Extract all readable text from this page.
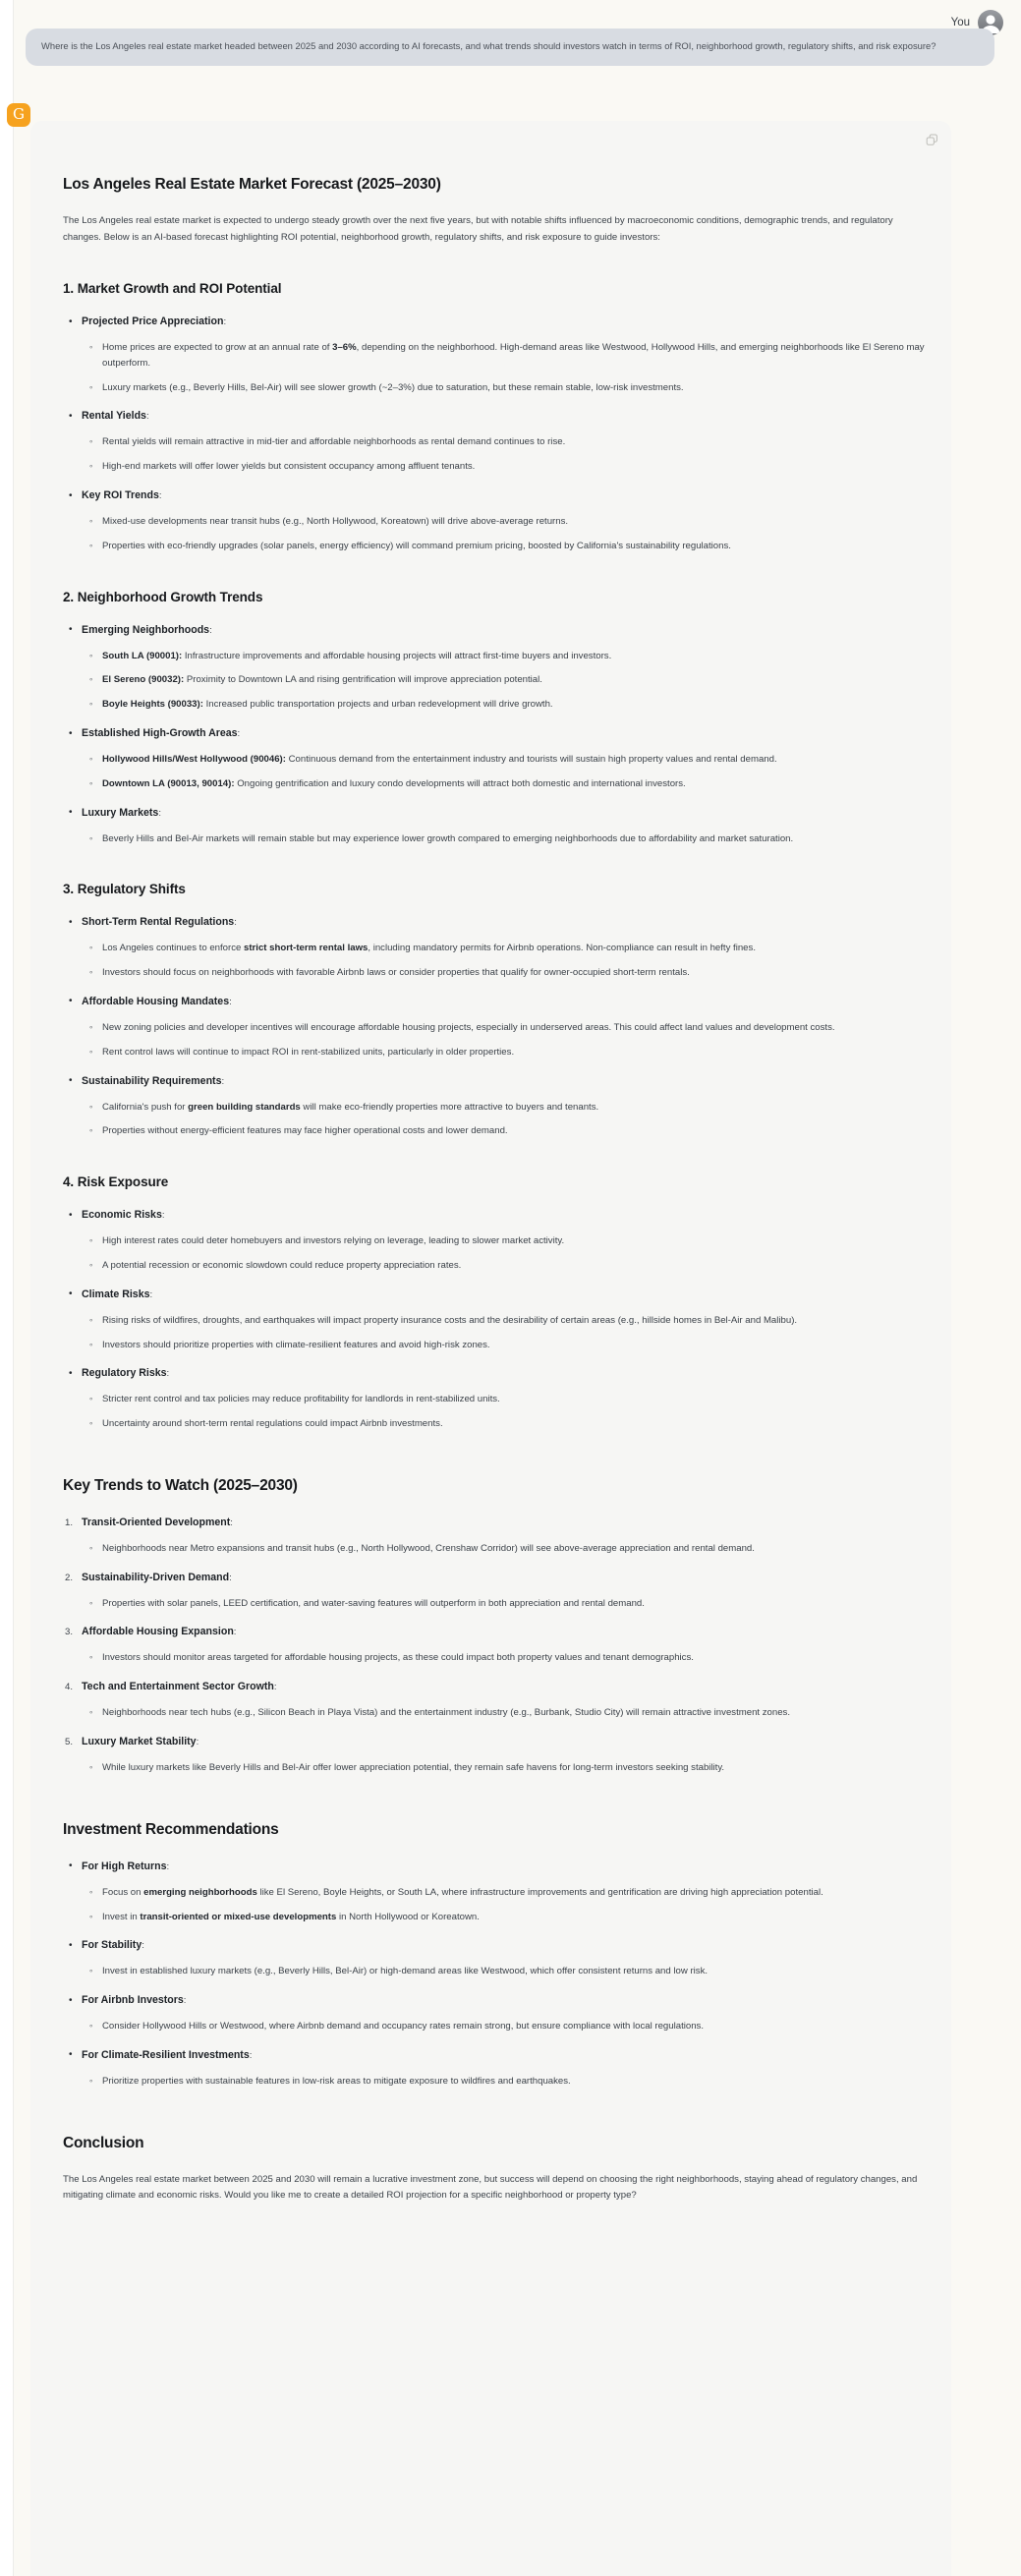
You
Where is the Los Angeles real estate market headed between 2025 and 2030 according to AI forecasts, and what trends should investors watch in terms of ROI, neighborhood growth, regulatory shifts, and risk exposure?
G
Los Angeles Real Estate Market Forecast (2025–2030)

The Los Angeles real estate market is expected to undergo steady growth over the next five years, but with notable shifts influenced by macroeconomic conditions, demographic trends, and regulatory changes. Below is an AI-based forecast highlighting ROI potential, neighborhood growth, regulatory shifts, and risk exposure to guide investors:

1. Market Growth and ROI Potential
• Projected Price Appreciation:
◦ Home prices are expected to grow at an annual rate of 3–6%, depending on the neighborhood. High-demand areas like Westwood, Hollywood Hills, and emerging neighborhoods like El Sereno may outperform.
◦ Luxury markets (e.g., Beverly Hills, Bel-Air) will see slower growth (~2–3%) due to saturation, but these remain stable, low-risk investments.
• Rental Yields:
◦ Rental yields will remain attractive in mid-tier and affordable neighborhoods as rental demand continues to rise.
◦ High-end markets will offer lower yields but consistent occupancy among affluent tenants.
• Key ROI Trends:
◦ Mixed-use developments near transit hubs (e.g., North Hollywood, Koreatown) will drive above-average returns.
◦ Properties with eco-friendly upgrades (solar panels, energy efficiency) will command premium pricing, boosted by California's sustainability regulations.
2. Neighborhood Growth Trends
• Emerging Neighborhoods:
◦ South LA (90001): Infrastructure improvements and affordable housing projects will attract first-time buyers and investors.
◦ El Sereno (90032): Proximity to Downtown LA and rising gentrification will improve appreciation potential.
◦ Boyle Heights (90033): Increased public transportation projects and urban redevelopment will drive growth.
• Established High-Growth Areas:
◦ Hollywood Hills/West Hollywood (90046): Continuous demand from the entertainment industry and tourists will sustain high property values and rental demand.
◦ Downtown LA (90013, 90014): Ongoing gentrification and luxury condo developments will attract both domestic and international investors.
• Luxury Markets:
◦ Beverly Hills and Bel-Air markets will remain stable but may experience lower growth compared to emerging neighborhoods due to affordability and market saturation.
3. Regulatory Shifts
• Short-Term Rental Regulations:
◦ Los Angeles continues to enforce strict short-term rental laws, including mandatory permits for Airbnb operations. Non-compliance can result in hefty fines.
◦ Investors should focus on neighborhoods with favorable Airbnb laws or consider properties that qualify for owner-occupied short-term rentals.
• Affordable Housing Mandates:
◦ New zoning policies and developer incentives will encourage affordable housing projects, especially in underserved areas. This could affect land values and development costs.
◦ Rent control laws will continue to impact ROI in rent-stabilized units, particularly in older properties.
• Sustainability Requirements:
◦ California's push for green building standards will make eco-friendly properties more attractive to buyers and tenants.
◦ Properties without energy-efficient features may face higher operational costs and lower demand.
4. Risk Exposure
• Economic Risks:
◦ High interest rates could deter homebuyers and investors relying on leverage, leading to slower market activity.
◦ A potential recession or economic slowdown could reduce property appreciation rates.
• Climate Risks:
◦ Rising risks of wildfires, droughts, and earthquakes will impact property insurance costs and the desirability of certain areas (e.g., hillside homes in Bel-Air and Malibu).
◦ Investors should prioritize properties with climate-resilient features and avoid high-risk zones.
• Regulatory Risks:
◦ Stricter rent control and tax policies may reduce profitability for landlords in rent-stabilized units.
◦ Uncertainty around short-term rental regulations could impact Airbnb investments.
Key Trends to Watch (2025–2030)
Transit-Oriented Development:
◦ Neighborhoods near Metro expansions and transit hubs (e.g., North Hollywood, Crenshaw Corridor) will see above-average appreciation and rental demand.
Sustainability-Driven Demand:
◦ Properties with solar panels, LEED certification, and water-saving features will outperform in both appreciation and rental demand.
Affordable Housing Expansion:
◦ Investors should monitor areas targeted for affordable housing projects, as these could impact both property values and tenant demographics.
Tech and Entertainment Sector Growth:
◦ Neighborhoods near tech hubs (e.g., Silicon Beach in Playa Vista) and the entertainment industry (e.g., Burbank, Studio City) will remain attractive investment zones.
Luxury Market Stability:
◦ While luxury markets like Beverly Hills and Bel-Air offer lower appreciation potential, they remain safe havens for long-term investors seeking stability.
Investment Recommendations
• For High Returns:
◦ Focus on emerging neighborhoods like El Sereno, Boyle Heights, or South LA, where infrastructure improvements and gentrification are driving high appreciation potential.
◦ Invest in transit-oriented or mixed-use developments in North Hollywood or Koreatown.
• For Stability:
◦ Invest in established luxury markets (e.g., Beverly Hills, Bel-Air) or high-demand areas like Westwood, which offer consistent returns and low risk.
• For Airbnb Investors:
◦ Consider Hollywood Hills or Westwood, where Airbnb demand and occupancy rates remain strong, but ensure compliance with local regulations.
• For Climate-Resilient Investments:
◦ Prioritize properties with sustainable features in low-risk areas to mitigate exposure to wildfires and earthquakes.
Conclusion

The Los Angeles real estate market between 2025 and 2030 will remain a lucrative investment zone, but success will depend on choosing the right neighborhoods, staying ahead of regulatory changes, and mitigating climate and economic risks. Would you like me to create a detailed ROI projection for a specific neighborhood or property type?
